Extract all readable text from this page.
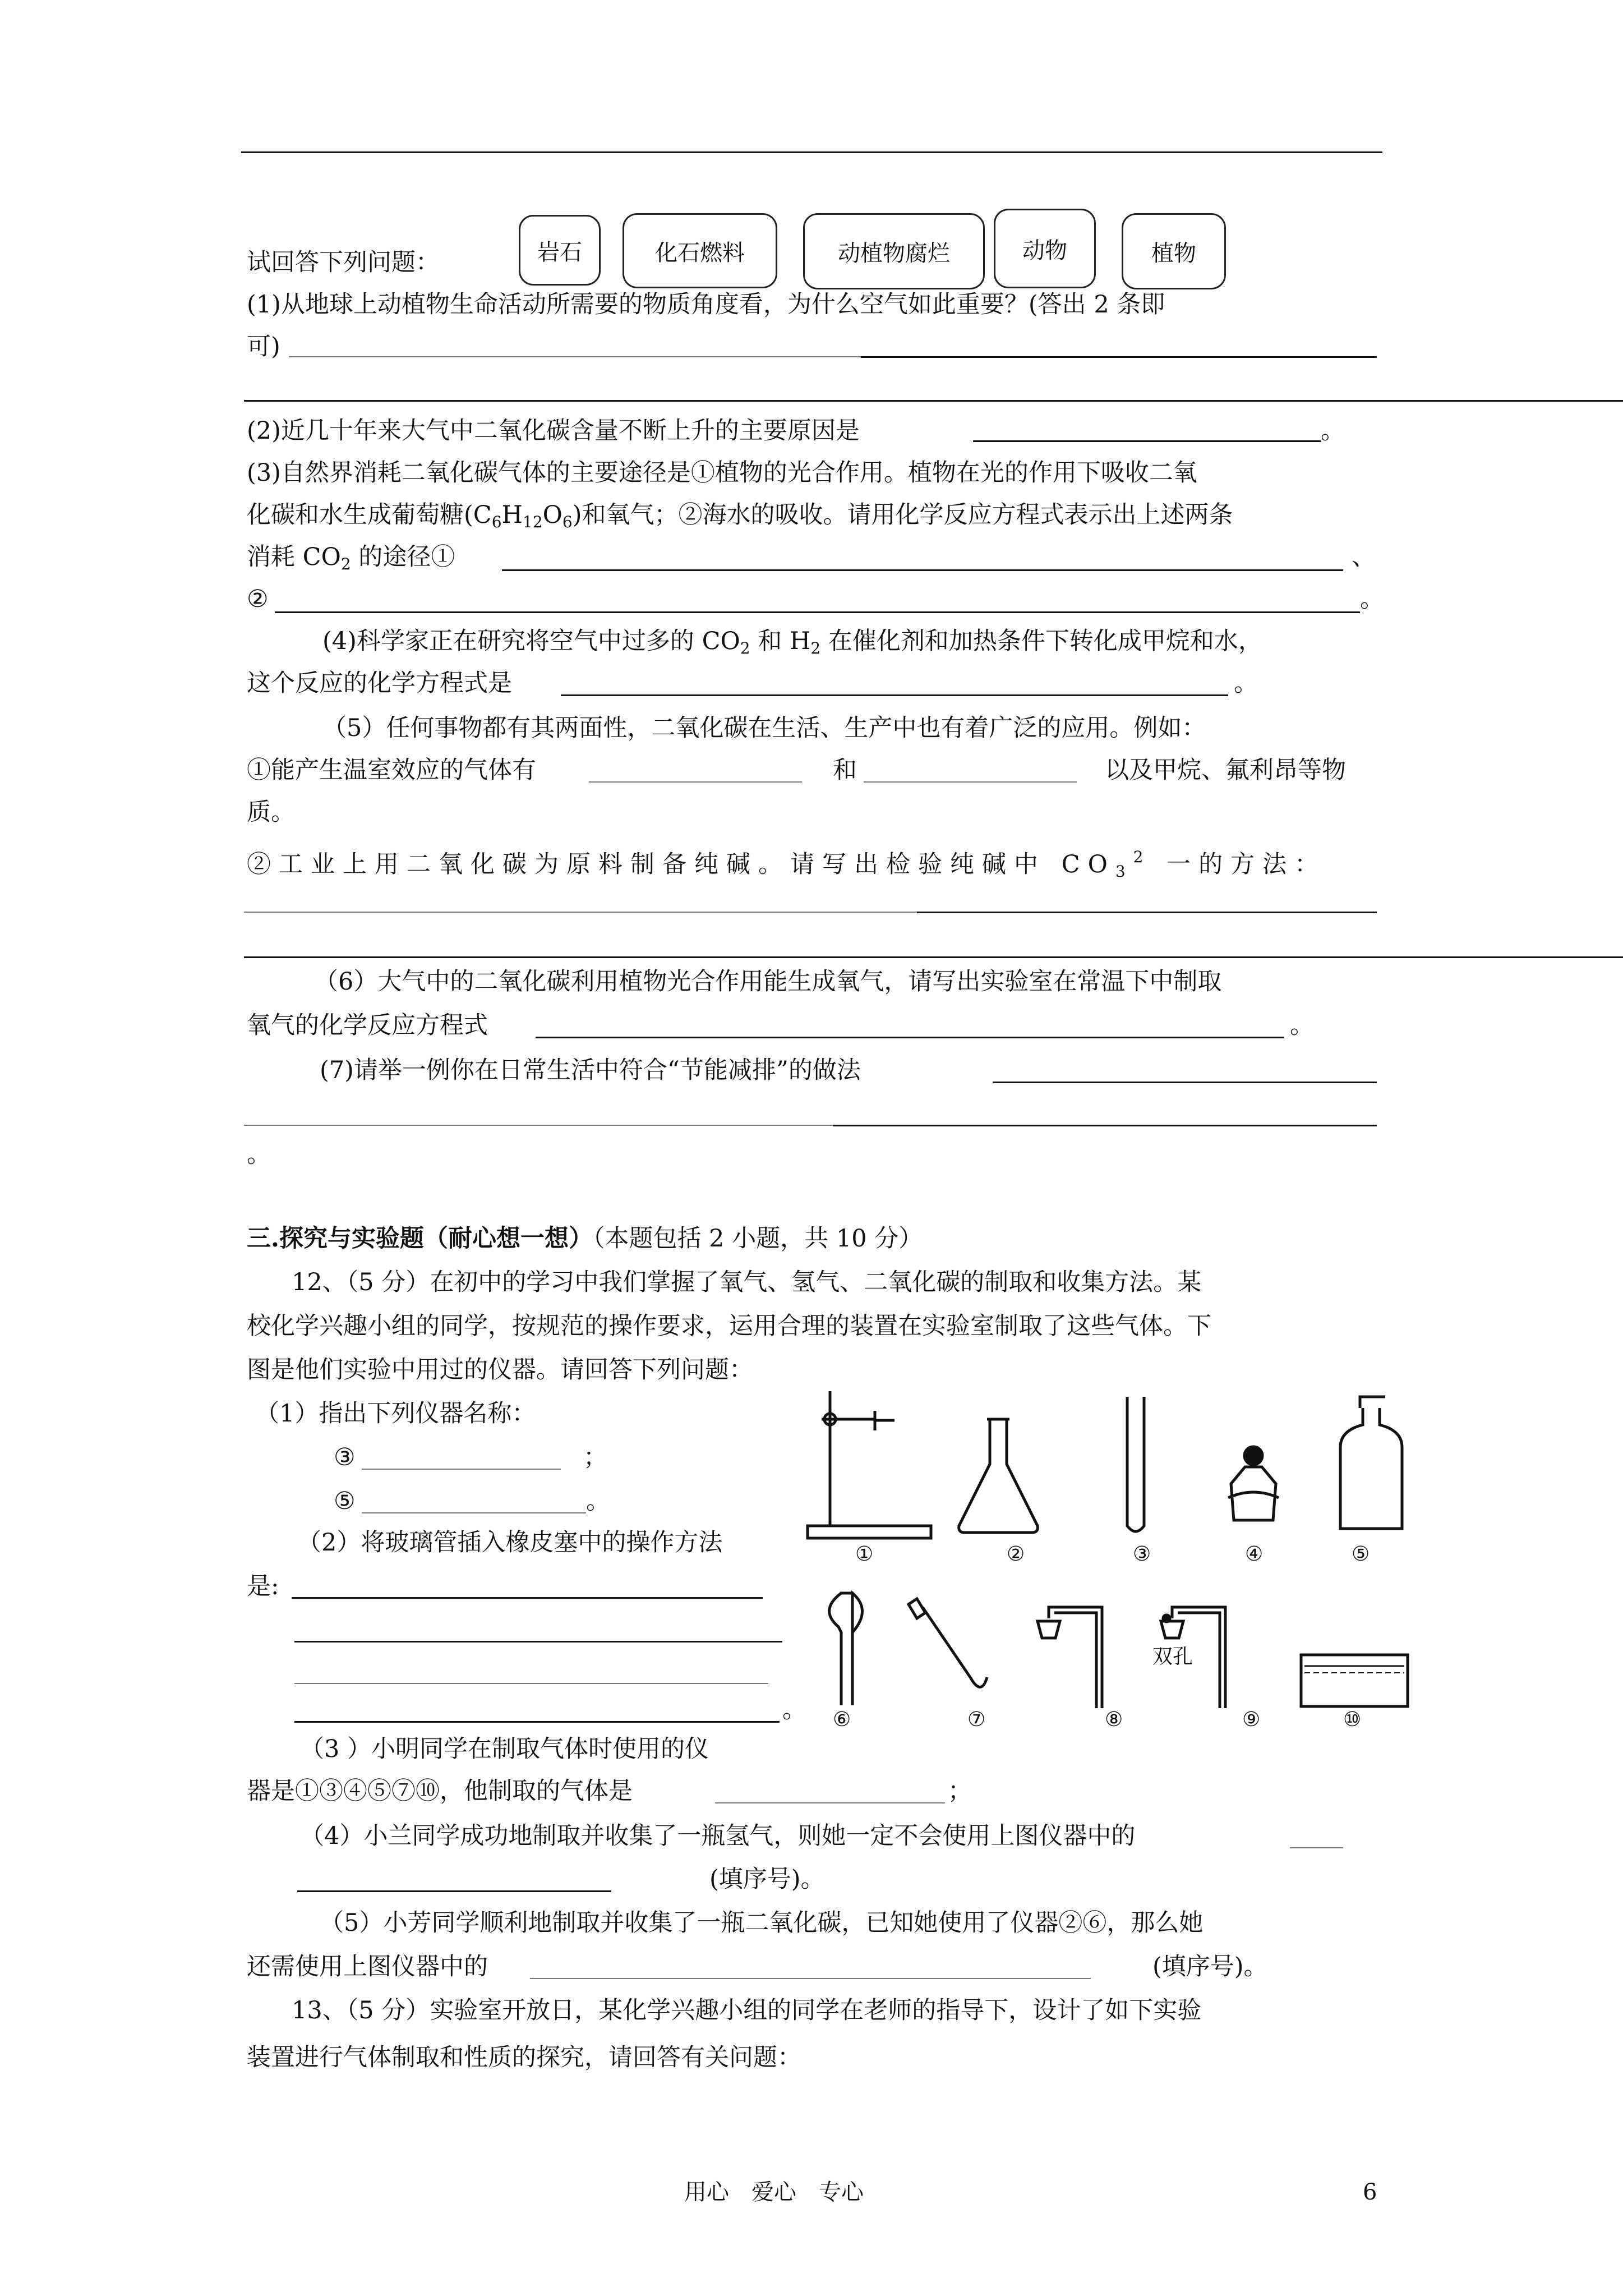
岩石	化石燃料	动植物腐烂	动物	植物
试回答下列问题：
(1)从地球上动植物生命活动所需要的物质角度看，为什么空气如此重要？(答出 2 条即
可)
(2)近几十年来大气中二氧化碳含量不断上升的主要原因是	。
(3)自然界消耗二氧化碳气体的主要途径是①植物的光合作用。植物在光的作用下吸收二氧
化碳和水生成葡萄糖$(C_6H_{12}O_6)$和氧气；②海水的吸收。请用化学反应方程式表示出上述两条
消耗 $CO_2$ 的途径①	、
②	。
(4)科学家正在研究将空气中过多的 $CO_2$ 和 $H_2$ 在催化剂和加热条件下转化成甲烷和水，
这个反应的化学方程式是	。
（5）任何事物都有其两面性，二氧化碳在生活、生产中也有着广泛的应用。例如：
①能产生温室效应的气体有	和	以及甲烷、氟利昂等物
质。
②工业上用二氧化碳为原料制备纯碱。请写出检验纯碱中 $CO_3^2$ 一的方法：
（6）大气中的二氧化碳利用植物光合作用能生成氧气，请写出实验室在常温下中制取
氧气的化学反应方程式	。
(7)请举一例你在日常生活中符合“节能减排”的做法
。
三.探究与实验题（耐心想一想）（本题包括 2 小题，共 10 分）
12、（5 分）在初中的学习中我们掌握了氧气、氢气、二氧化碳的制取和收集方法。某
校化学兴趣小组的同学，按规范的操作要求，运用合理的装置在实验室制取了这些气体。下
图是他们实验中用过的仪器。请回答下列问题：
（1）指出下列仪器名称：
③	；
⑤	。
（2）将玻璃管插入橡皮塞中的操作方法
是:
。
（3 ）小明同学在制取气体时使用的仪
器是①③④⑤⑦⑩，他制取的气体是	；
（4）小兰同学成功地制取并收集了一瓶氢气，则她一定不会使用上图仪器中的
(填序号)。
（5）小芳同学顺利地制取并收集了一瓶二氧化碳，已知她使用了仪器②⑥，那么她
还需使用上图仪器中的	(填序号)。
13、（5 分）实验室开放日，某化学兴趣小组的同学在老师的指导下，设计了如下实验
装置进行气体制取和性质的探究，请回答有关问题：
①	②	③	④	⑤
⑥	⑦	⑧	⑨	⑩
双孔
用心　爱心　专心	6
